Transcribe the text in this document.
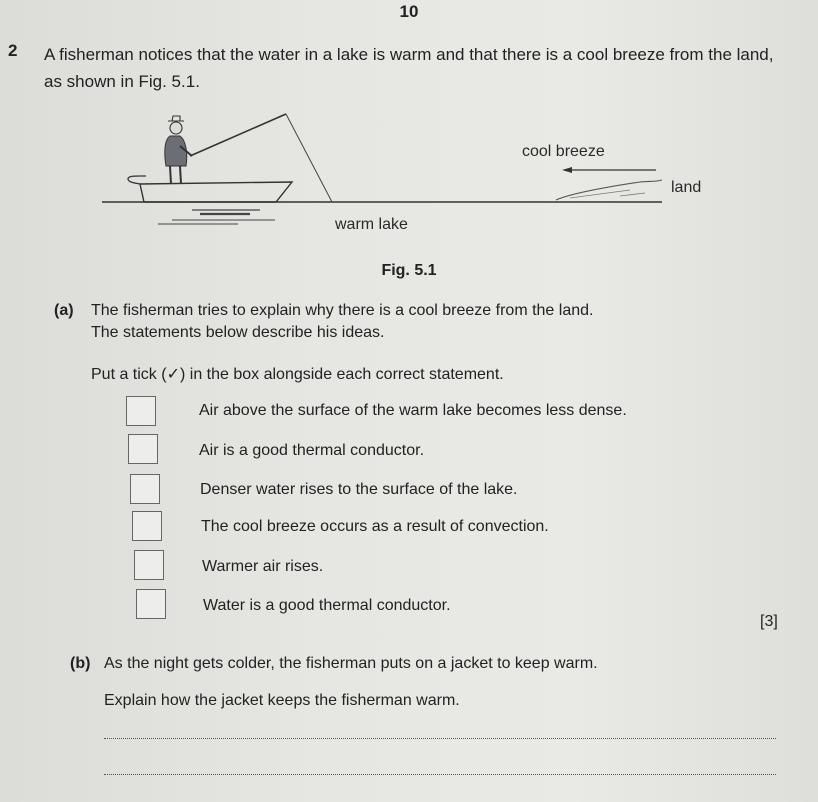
10
2 A fisherman notices that the water in a lake is warm and that there is a cool breeze from the land,
as shown in Fig. 5.1.
cool breeze
land
warm lake
Fig. 5.1
(a) The fisherman tries to explain why there is a cool breeze from the land.
The statements below describe his ideas.
Put a tick (✓) in the box alongside each correct statement.
Air above the surface of the warm lake becomes less dense.
Air is a good thermal conductor.
Denser water rises to the surface of the lake.
The cool breeze occurs as a result of convection.
Warmer air rises.
Water is a good thermal conductor.
[3]
(b) As the night gets colder, the fisherman puts on a jacket to keep warm.
Explain how the jacket keeps the fisherman warm.
